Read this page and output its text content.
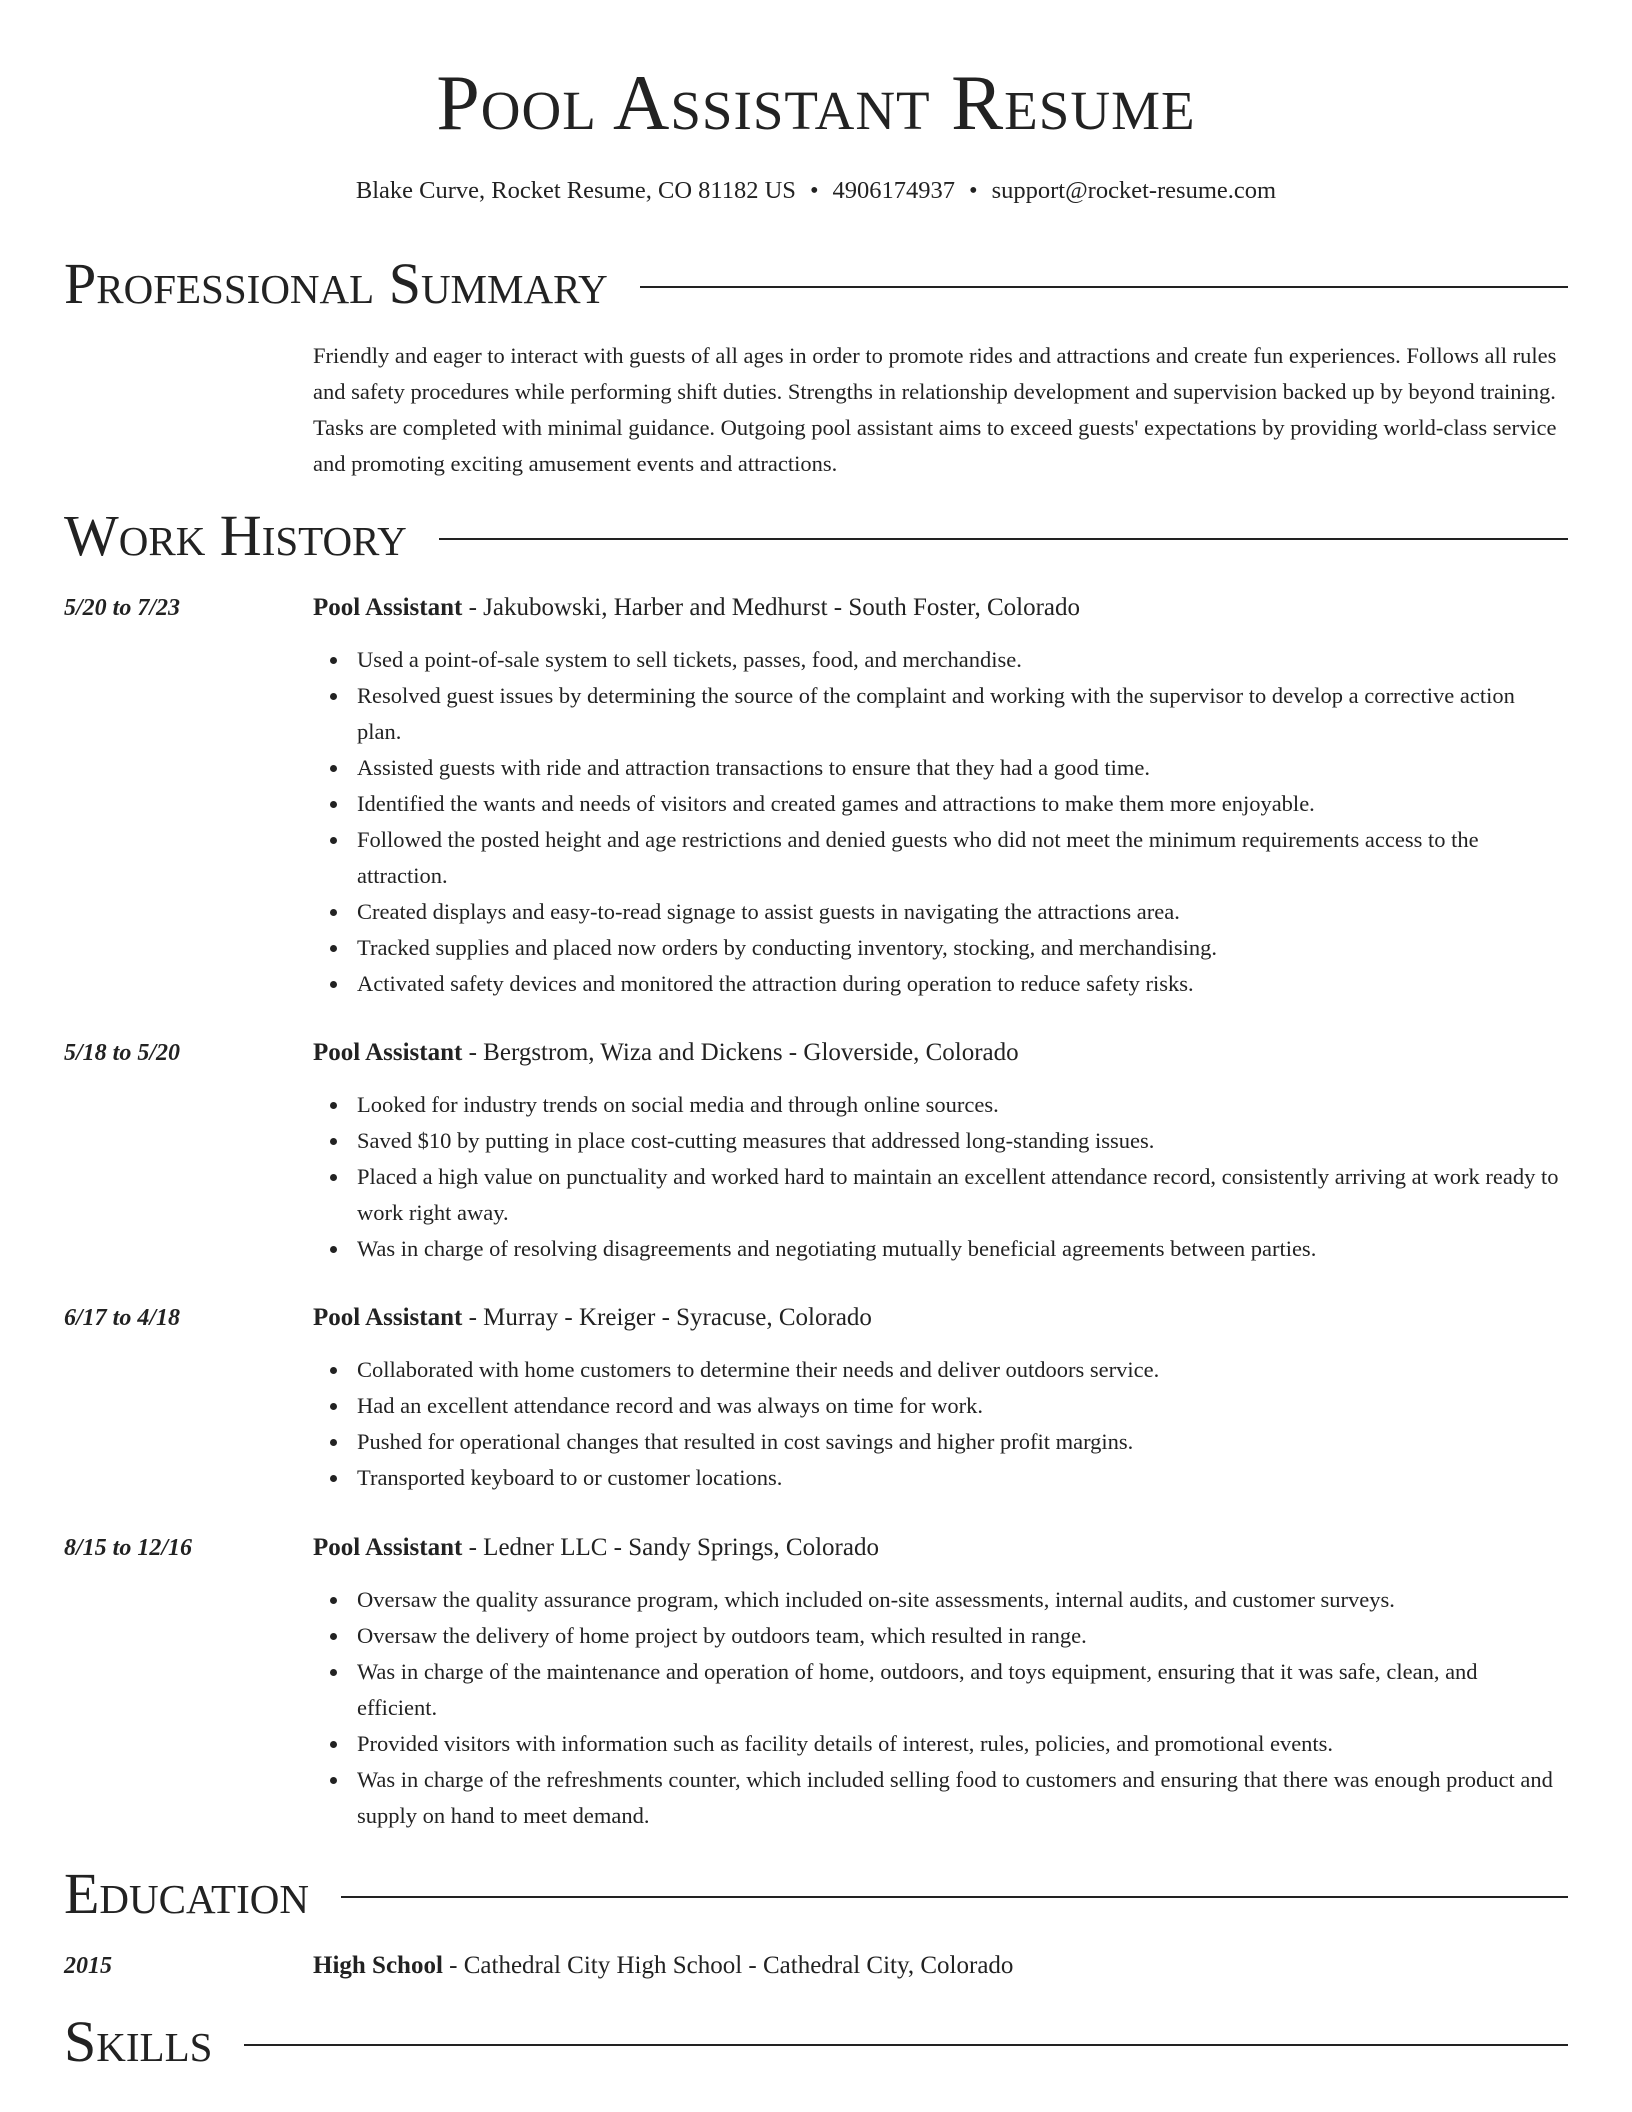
Pool Assistant Resume
Blake Curve, Rocket Resume, CO 81182 US • 4906174937 • support@rocket-resume.com
Professional Summary
Friendly and eager to interact with guests of all ages in order to promote rides and attractions and create fun experiences. Follows all rules and safety procedures while performing shift duties. Strengths in relationship development and supervision backed up by beyond training. Tasks are completed with minimal guidance. Outgoing pool assistant aims to exceed guests' expectations by providing world-class service and promoting exciting amusement events and attractions.
Work History
5/20 to 7/23	Pool Assistant - Jakubowski, Harber and Medhurst - South Foster, Colorado
Used a point-of-sale system to sell tickets, passes, food, and merchandise.
Resolved guest issues by determining the source of the complaint and working with the supervisor to develop a corrective action plan.
Assisted guests with ride and attraction transactions to ensure that they had a good time.
Identified the wants and needs of visitors and created games and attractions to make them more enjoyable.
Followed the posted height and age restrictions and denied guests who did not meet the minimum requirements access to the attraction.
Created displays and easy-to-read signage to assist guests in navigating the attractions area.
Tracked supplies and placed now orders by conducting inventory, stocking, and merchandising.
Activated safety devices and monitored the attraction during operation to reduce safety risks.
5/18 to 5/20	Pool Assistant - Bergstrom, Wiza and Dickens - Gloverside, Colorado
Looked for industry trends on social media and through online sources.
Saved $10 by putting in place cost-cutting measures that addressed long-standing issues.
Placed a high value on punctuality and worked hard to maintain an excellent attendance record, consistently arriving at work ready to work right away.
Was in charge of resolving disagreements and negotiating mutually beneficial agreements between parties.
6/17 to 4/18	Pool Assistant - Murray - Kreiger - Syracuse, Colorado
Collaborated with home customers to determine their needs and deliver outdoors service.
Had an excellent attendance record and was always on time for work.
Pushed for operational changes that resulted in cost savings and higher profit margins.
Transported keyboard to or customer locations.
8/15 to 12/16	Pool Assistant - Ledner LLC - Sandy Springs, Colorado
Oversaw the quality assurance program, which included on-site assessments, internal audits, and customer surveys.
Oversaw the delivery of home project by outdoors team, which resulted in range.
Was in charge of the maintenance and operation of home, outdoors, and toys equipment, ensuring that it was safe, clean, and efficient.
Provided visitors with information such as facility details of interest, rules, policies, and promotional events.
Was in charge of the refreshments counter, which included selling food to customers and ensuring that there was enough product and supply on hand to meet demand.
Education
2015	High School - Cathedral City High School - Cathedral City, Colorado
Skills
